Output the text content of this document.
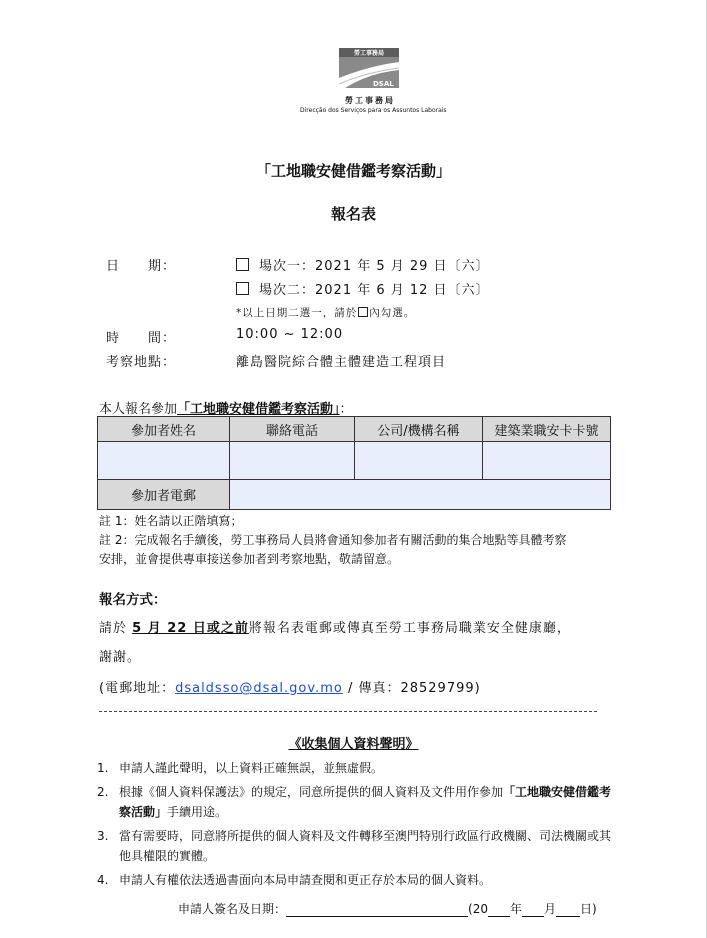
勞工事務局
DSAL
勞工事務局
Direcção dos Serviços para os Assuntos Laborais
「工地職安健借鑑考察活動」
報名表
日　　期：	場次一：2021 年 5 月 29 日〔六〕
場次二：2021 年 6 月 12 日〔六〕
*以上日期二選一，請於 內勾選。
時　　間：	10:00 ~ 12:00
考察地點：	離島醫院綜合體主體建造工程項目
本人報名參加「工地職安健借鑑考察活動」：
參加者姓名	聯絡電話	公司/機構名稱	建築業職安卡卡號

參加者電郵			
註 1：姓名請以正階填寫；
註 2：完成報名手續後，勞工事務局人員將會通知參加者有關活動的集合地點等具體考察
安排，並會提供專車接送參加者到考察地點，敬請留意。
報名方式：
請於 5 月 22 日或之前將報名表電郵或傳真至勞工事務局職業安全健康廳，
謝謝。
(電郵地址：dsaldsso@dsal.gov.mo / 傳真：28529799)
《收集個人資料聲明》
1. 申請人謹此聲明，以上資料正確無誤，並無虛假。
2. 根據《個人資料保護法》的規定，同意所提供的個人資料及文件用作參加「工地職安健借鑑考察活動」手續用途。
3. 當有需要時，同意將所提供的個人資料及文件轉移至澳門特別行政區行政機關、司法機關或其他具權限的實體。
4. 申請人有權依法透過書面向本局申請查閱和更正存於本局的個人資料。
申請人簽名及日期：	(20 年 月 日)
